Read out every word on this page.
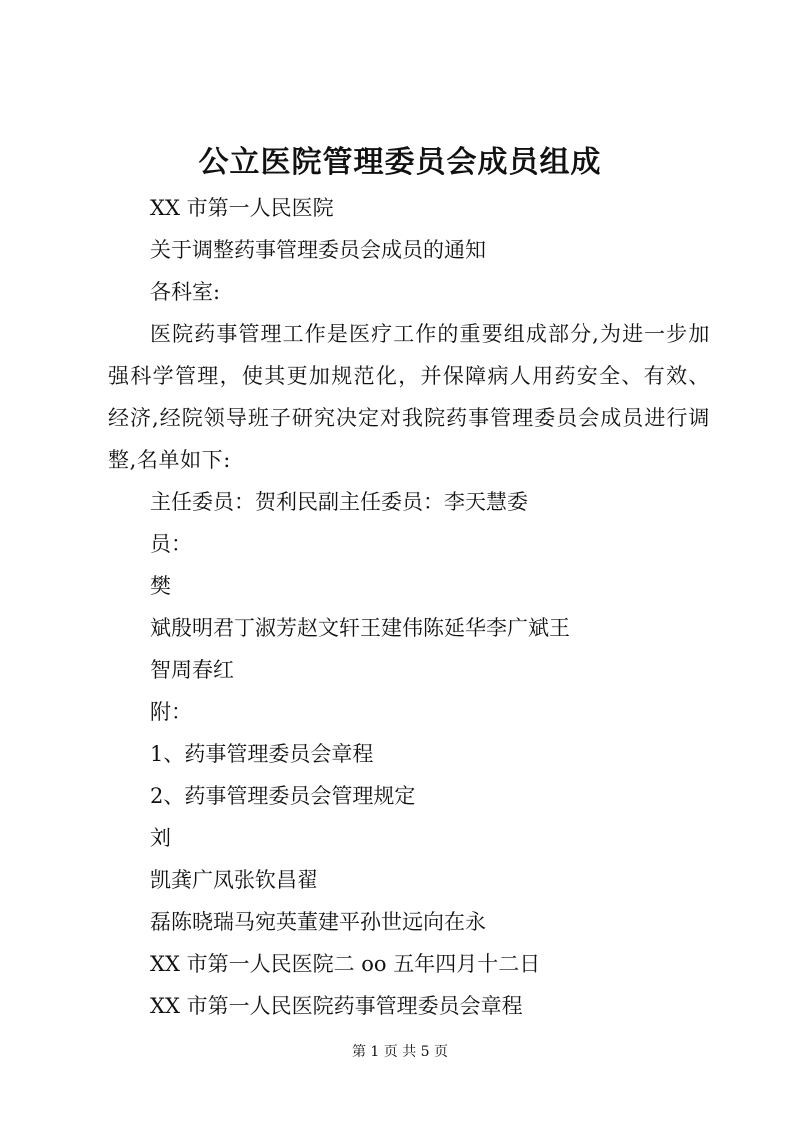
公立医院管理委员会成员组成
XX 市第一人民医院
关于调整药事管理委员会成员的通知
各科室:
医院药事管理工作是医疗工作的重要组成部分,为进一步加强科学管理，使其更加规范化，并保障病人用药安全、有效、经济,经院领导班子研究决定对我院药事管理委员会成员进行调整,名单如下:
主任委员：贺利民副主任委员：李天慧委
员：
樊
斌殷明君丁淑芳赵文轩王建伟陈延华李广斌王
智周春红
附：
1、药事管理委员会章程
2、药事管理委员会管理规定
刘
凯龚广凤张钦昌翟
磊陈晓瑞马宛英董建平孙世远向在永
XX 市第一人民医院二 oo 五年四月十二日
XX 市第一人民医院药事管理委员会章程
第 1 页 共 5 页
